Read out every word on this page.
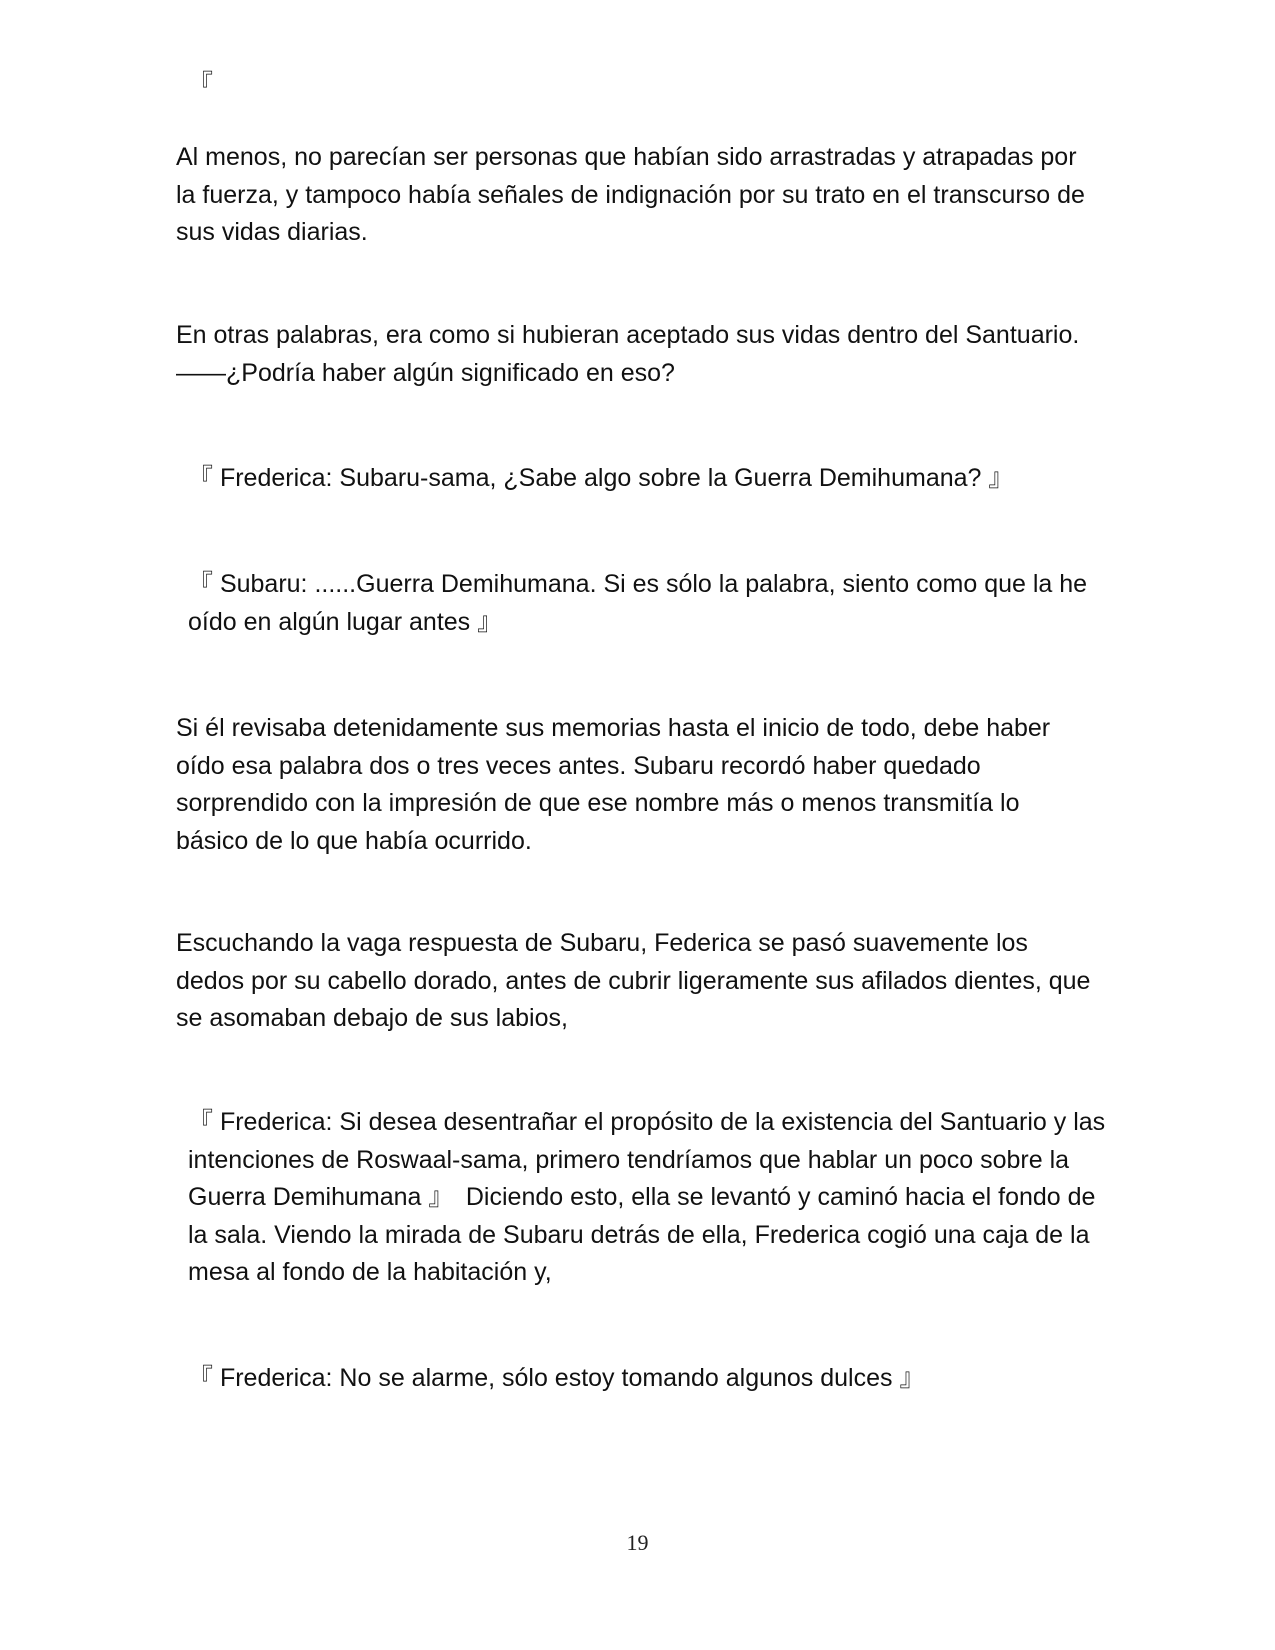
『

Al menos, no parecían ser personas que habían sido arrastradas y atrapadas por la fuerza, y tampoco había señales de indignación por su trato en el transcurso de sus vidas diarias.

En otras palabras, era como si hubieran aceptado sus vidas dentro del Santuario. ——¿Podría haber algún significado en eso?

『 Frederica: Subaru-sama, ¿Sabe algo sobre la Guerra Demihumana? 』

『 Subaru: ......Guerra Demihumana. Si es sólo la palabra, siento como que la he oído en algún lugar antes 』

Si él revisaba detenidamente sus memorias hasta el inicio de todo, debe haber oído esa palabra dos o tres veces antes. Subaru recordó haber quedado sorprendido con la impresión de que ese nombre más o menos transmitía lo básico de lo que había ocurrido.

Escuchando la vaga respuesta de Subaru, Federica se pasó suavemente los dedos por su cabello dorado, antes de cubrir ligeramente sus afilados dientes, que se asomaban debajo de sus labios,

『 Frederica: Si desea desentrañar el propósito de la existencia del Santuario y las intenciones de Roswaal-sama, primero tendríamos que hablar un poco sobre la Guerra Demihumana 』　Diciendo esto, ella se levantó y caminó hacia el fondo de la sala. Viendo la mirada de Subaru detrás de ella, Frederica cogió una caja de la mesa al fondo de la habitación y,

『 Frederica: No se alarme, sólo estoy tomando algunos dulces 』

19
